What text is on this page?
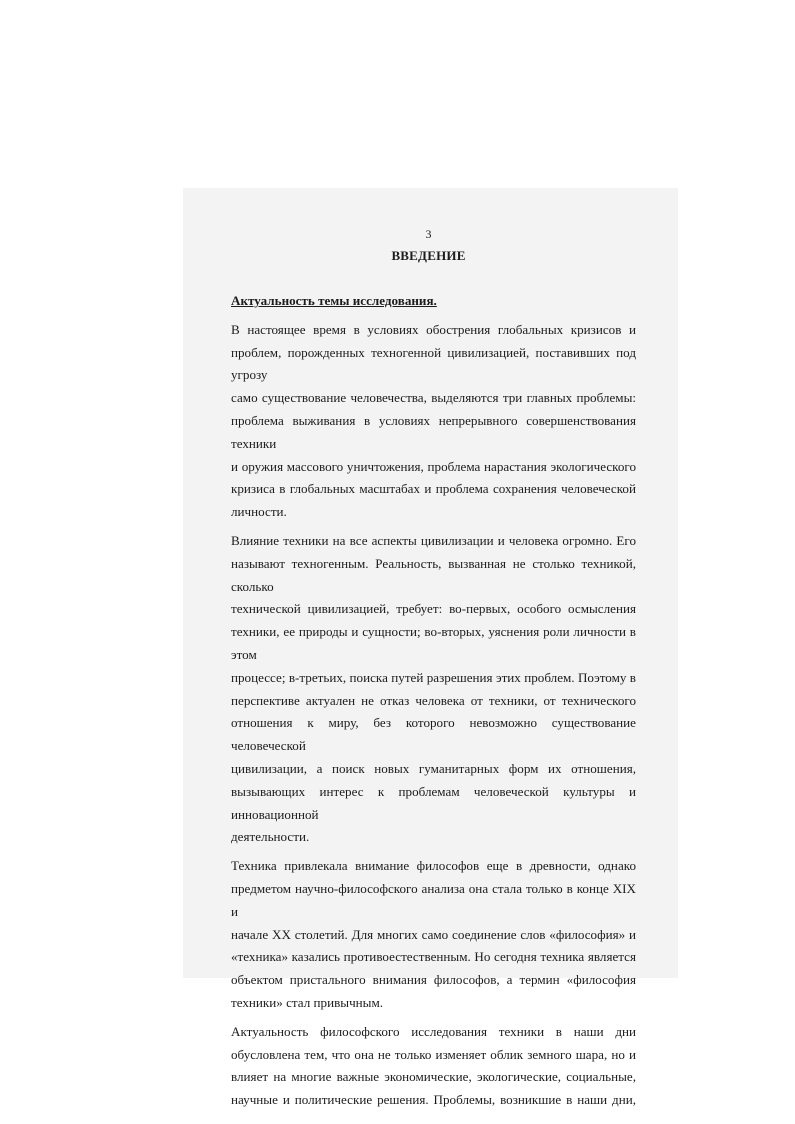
3
ВВЕДЕНИЕ

Актуальность темы исследования.

В настоящее время в условиях обострения глобальных кризисов и
проблем, порожденных техногенной цивилизацией, поставивших под угрозу
само существование человечества, выделяются три главных проблемы:
проблема выживания в условиях непрерывного совершенствования техники
и оружия массового уничтожения, проблема нарастания экологического
кризиса в глобальных масштабах и проблема сохранения человеческой
личности.
Влияние техники на все аспекты цивилизации и человека огромно. Его
называют техногенным. Реальность, вызванная не столько техникой, сколько
технической цивилизацией, требует: во-первых, особого осмысления
техники, ее природы и сущности; во-вторых, уяснения роли личности в этом
процессе; в-третьих, поиска путей разрешения этих проблем. Поэтому в
перспективе актуален не отказ человека от техники, от технического
отношения к миру, без которого невозможно существование человеческой
цивилизации, а поиск новых гуманитарных форм их отношения,
вызывающих интерес к проблемам человеческой культуры и инновационной
деятельности.
Техника привлекала внимание философов еще в древности, однако
предметом научно-философского анализа она стала только в конце XIX и
начале XX столетий. Для многих само соединение слов «философия» и
«техника» казались противоестественным. Но сегодня техника является
объектом пристального внимания философов, а термин «философия
техники» стал привычным.
Актуальность философского исследования техники в наши дни
обусловлена тем, что она не только изменяет облик земного шара, но и
влияет на многие важные экономические, экологические, социальные,
научные и политические решения. Проблемы, возникшие в наши дни,
